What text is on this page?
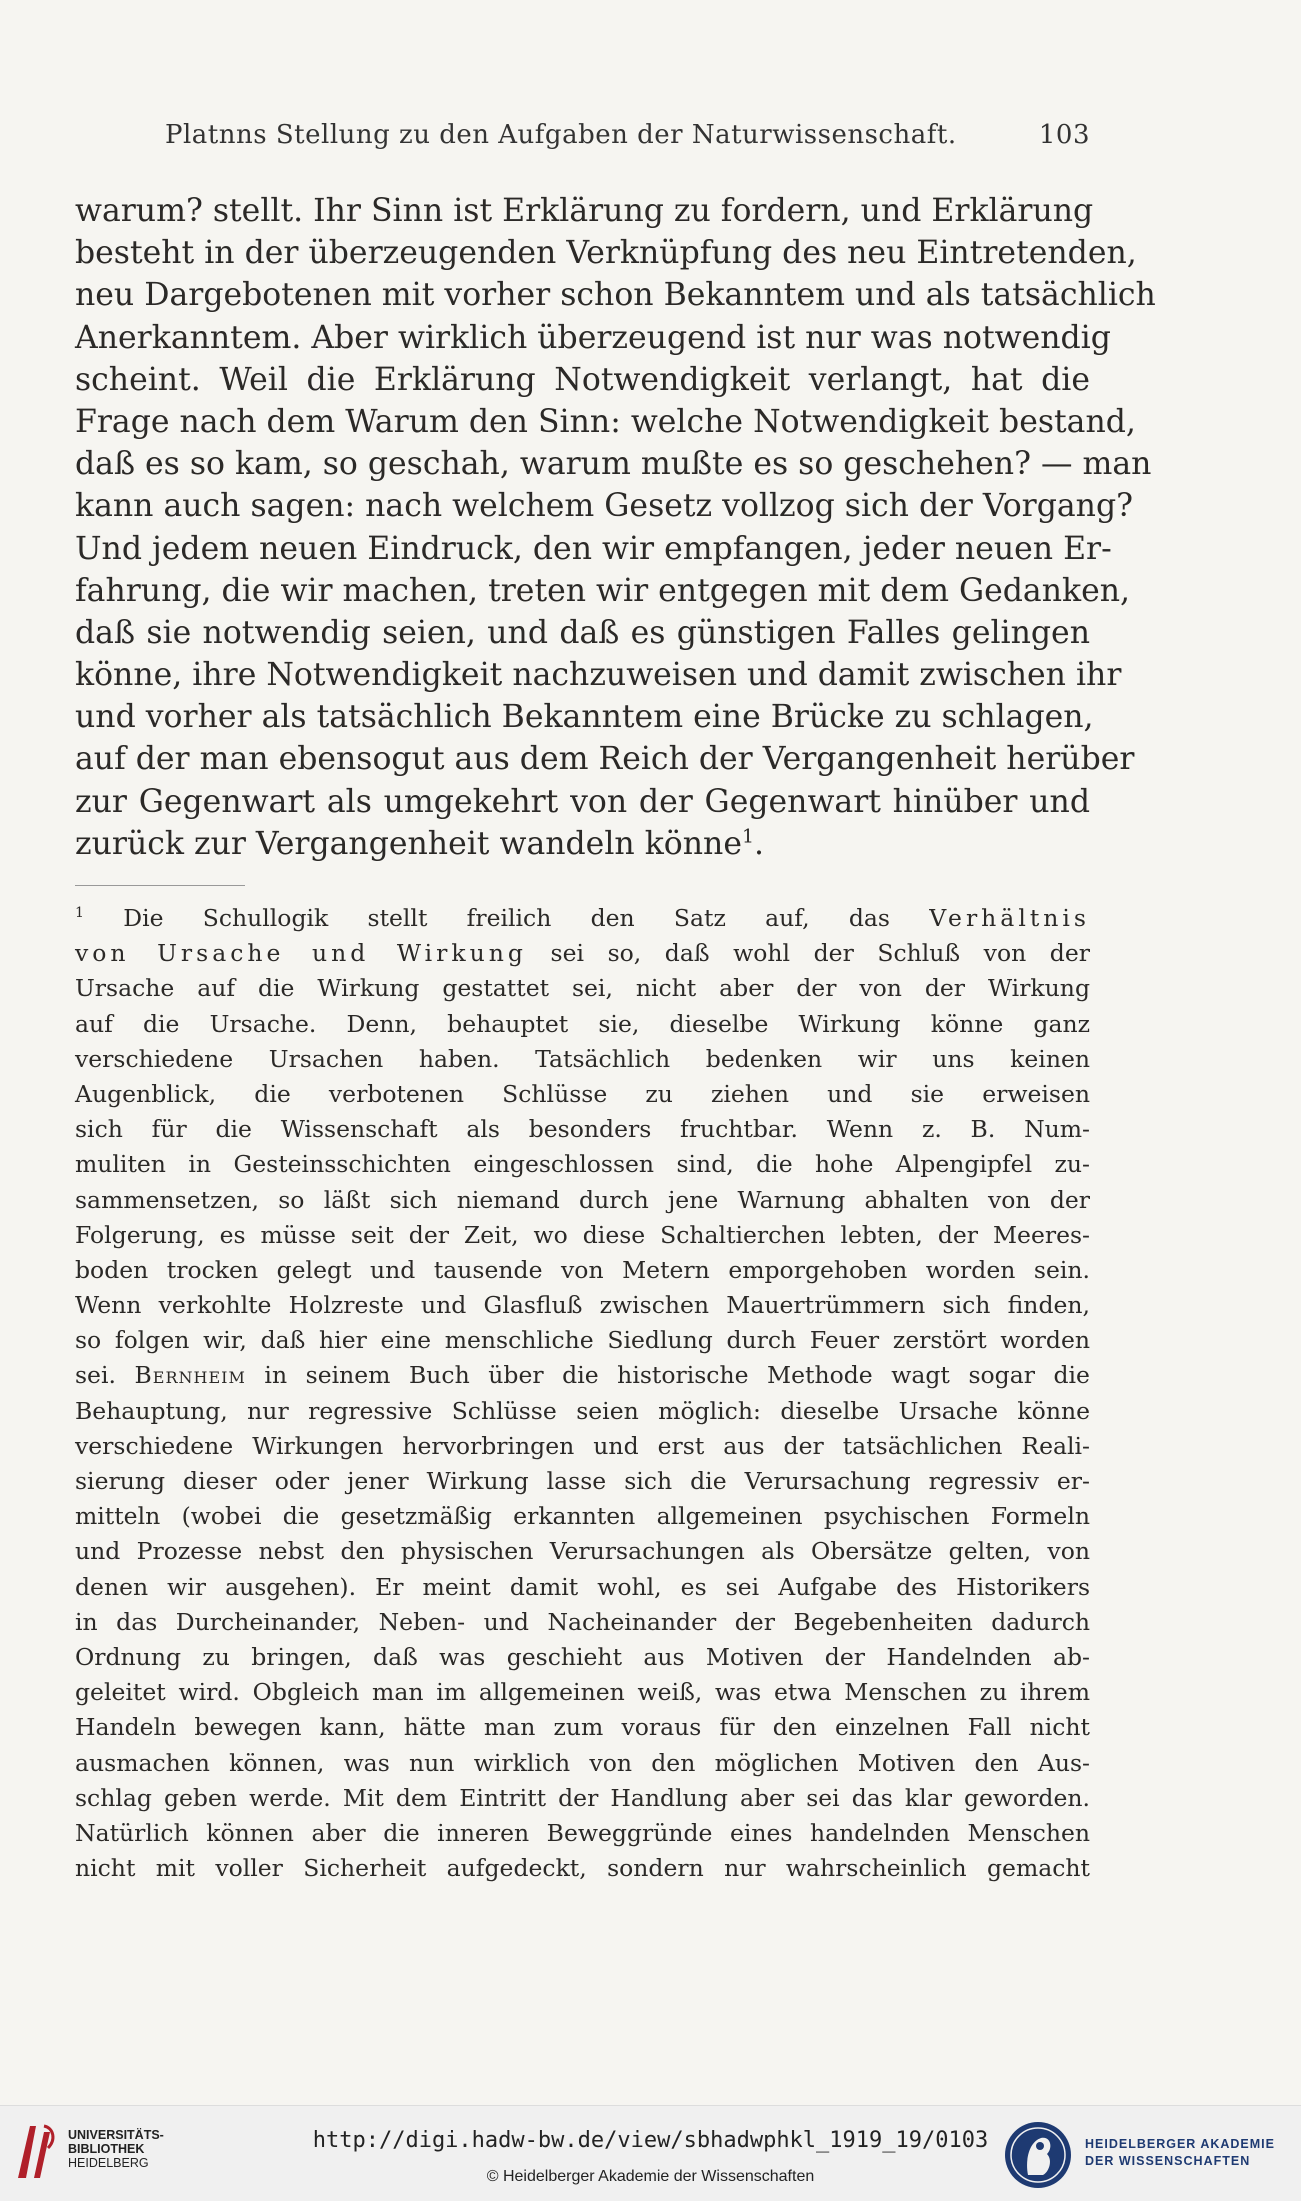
Platnns Stellung zu den Aufgaben der Naturwissenschaft.	103
warum? stellt. Ihr Sinn ist Erklärung zu fordern, und Erklärung
besteht in der überzeugenden Verknüpfung des neu Eintretenden,
neu Dargebotenen mit vorher schon Bekanntem und als tatsächlich
Anerkanntem. Aber wirklich überzeugend ist nur was notwendig
scheint. Weil die Erklärung Notwendigkeit verlangt, hat die
Frage nach dem Warum den Sinn: welche Notwendigkeit bestand,
daß es so kam, so geschah, warum mußte es so geschehen? — man
kann auch sagen: nach welchem Gesetz vollzog sich der Vorgang?
Und jedem neuen Eindruck, den wir empfangen, jeder neuen Er-
fahrung, die wir machen, treten wir entgegen mit dem Gedanken,
daß sie notwendig seien, und daß es günstigen Falles gelingen
könne, ihre Notwendigkeit nachzuweisen und damit zwischen ihr
und vorher als tatsächlich Bekanntem eine Brücke zu schlagen,
auf der man ebensogut aus dem Reich der Vergangenheit herüber
zur Gegenwart als umgekehrt von der Gegenwart hinüber und
zurück zur Vergangenheit wandeln könne$^1$.
$^1$ Die Schullogik stellt freilich den Satz auf, das Verhältnis
von Ursache und Wirkung sei so, daß wohl der Schluß von der
Ursache auf die Wirkung gestattet sei, nicht aber der von der Wirkung
auf die Ursache. Denn, behauptet sie, dieselbe Wirkung könne ganz
verschiedene Ursachen haben. Tatsächlich bedenken wir uns keinen
Augenblick, die verbotenen Schlüsse zu ziehen und sie erweisen
sich für die Wissenschaft als besonders fruchtbar. Wenn z. B. Num-
muliten in Gesteinsschichten eingeschlossen sind, die hohe Alpengipfel zu-
sammensetzen, so läßt sich niemand durch jene Warnung abhalten von der
Folgerung, es müsse seit der Zeit, wo diese Schaltierchen lebten, der Meeres-
boden trocken gelegt und tausende von Metern emporgehoben worden sein.
Wenn verkohlte Holzreste und Glasfluß zwischen Mauertrümmern sich finden,
so folgen wir, daß hier eine menschliche Siedlung durch Feuer zerstört worden
sei. Bernheim in seinem Buch über die historische Methode wagt sogar die
Behauptung, nur regressive Schlüsse seien möglich: dieselbe Ursache könne
verschiedene Wirkungen hervorbringen und erst aus der tatsächlichen Reali-
sierung dieser oder jener Wirkung lasse sich die Verursachung regressiv er-
mitteln (wobei die gesetzmäßig erkannten allgemeinen psychischen Formeln
und Prozesse nebst den physischen Verursachungen als Obersätze gelten, von
denen wir ausgehen). Er meint damit wohl, es sei Aufgabe des Historikers
in das Durcheinander, Neben- und Nacheinander der Begebenheiten dadurch
Ordnung zu bringen, daß was geschieht aus Motiven der Handelnden ab-
geleitet wird. Obgleich man im allgemeinen weiß, was etwa Menschen zu ihrem
Handeln bewegen kann, hätte man zum voraus für den einzelnen Fall nicht
ausmachen können, was nun wirklich von den möglichen Motiven den Aus-
schlag geben werde. Mit dem Eintritt der Handlung aber sei das klar geworden.
Natürlich können aber die inneren Beweggründe eines handelnden Menschen
nicht mit voller Sicherheit aufgedeckt, sondern nur wahrscheinlich gemacht
UNIVERSITÄTS-
BIBLIOTHEK
HEIDELBERG
http://digi.hadw-bw.de/view/sbhadwphkl_1919_19/0103
© Heidelberger Akademie der Wissenschaften
HEIDELBERGER AKADEMIE
DER WISSENSCHAFTEN
